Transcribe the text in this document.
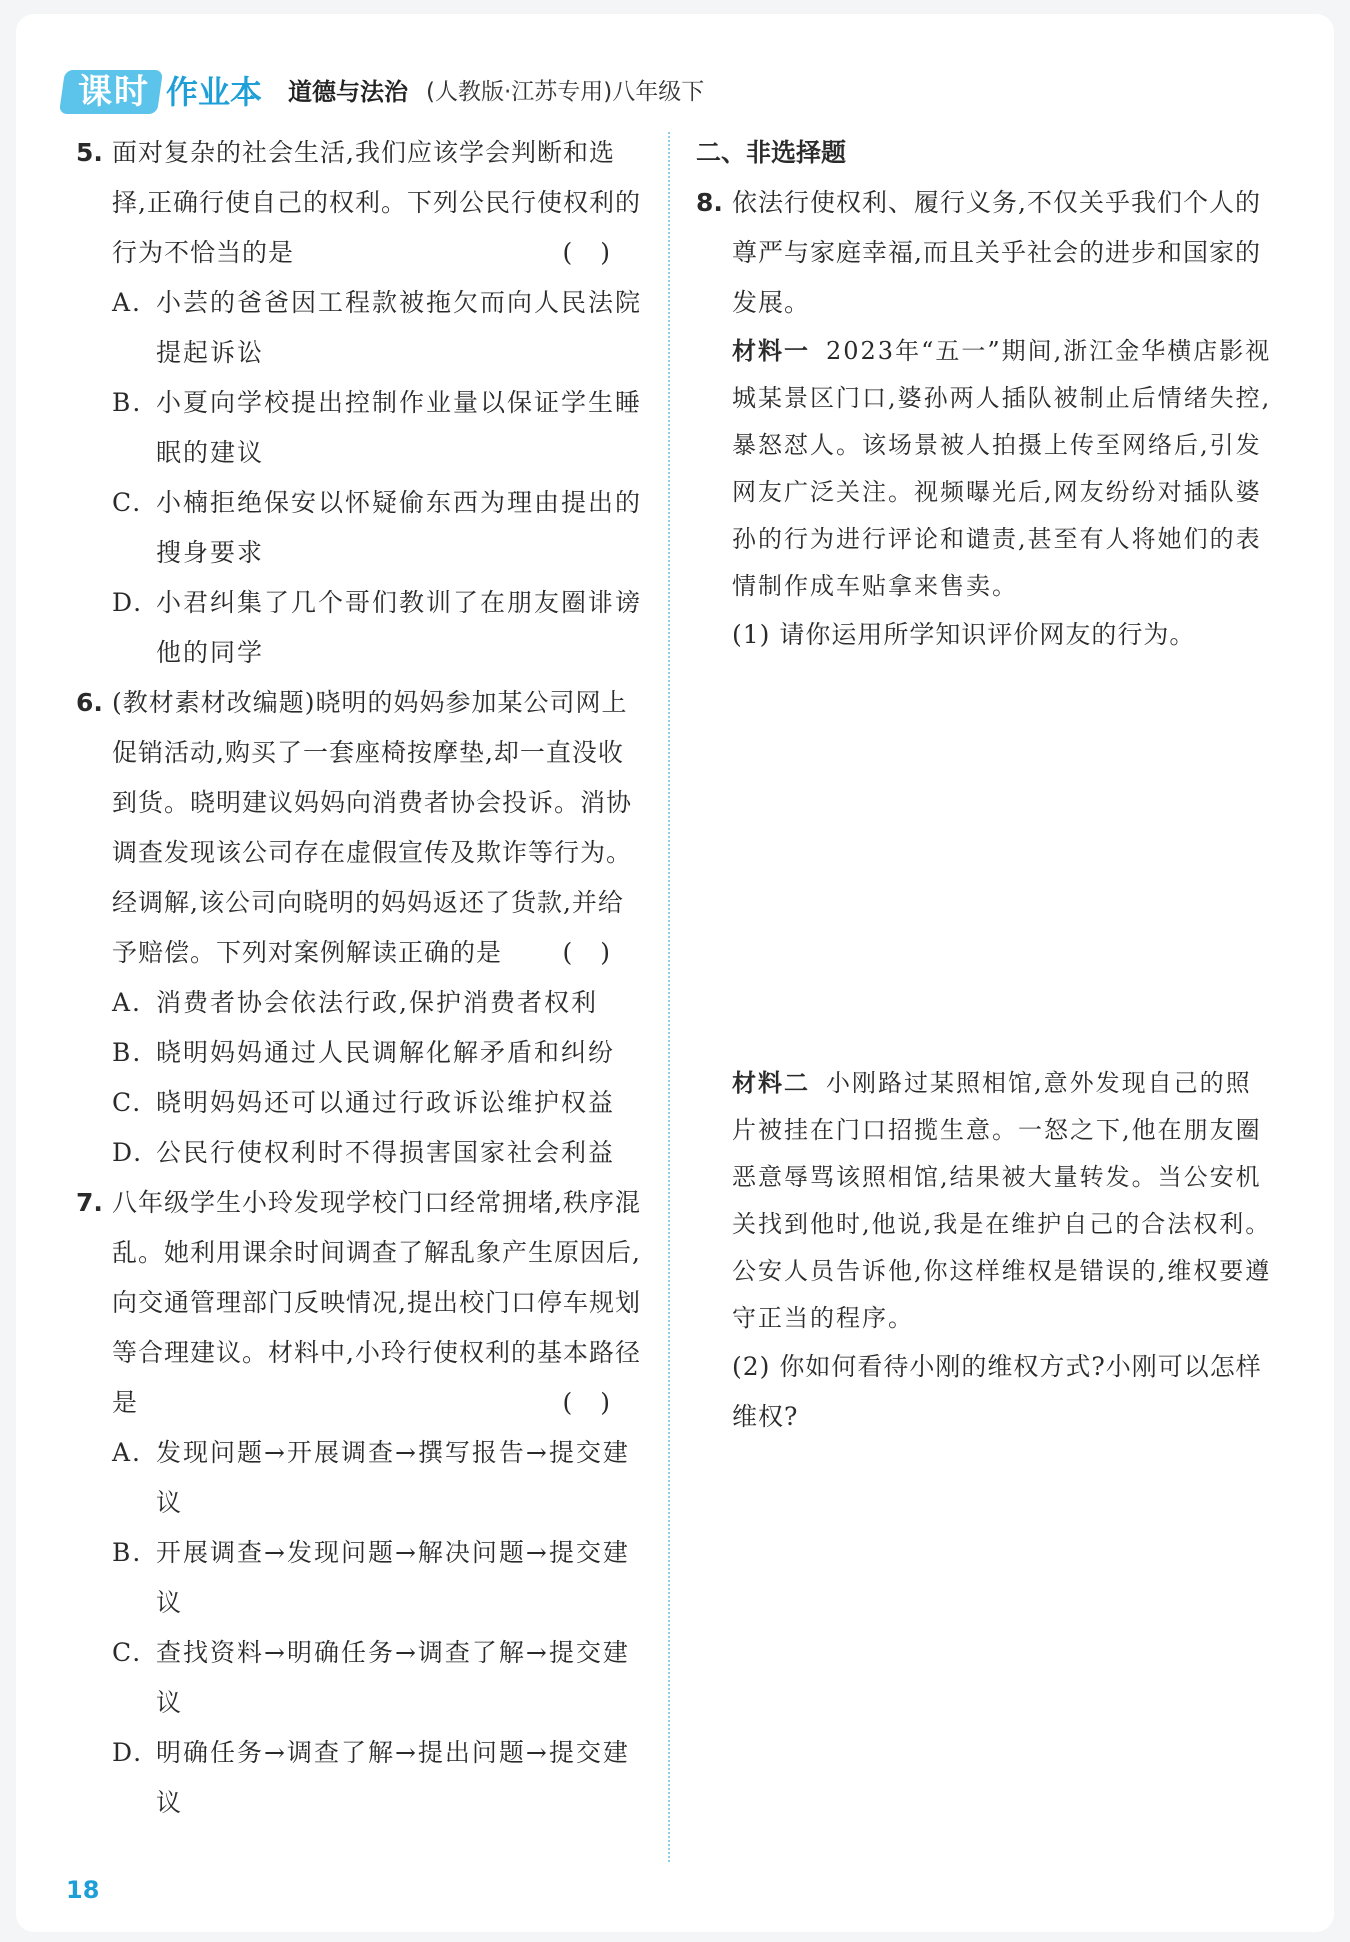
课时 作业本 道德与法治 (人教版·江苏专用)八年级下
5. 面对复杂的社会生活,我们应该学会判断和选择,正确行使自己的权利。下列公民行使权利的行为不恰当的是	()
A. 小芸的爸爸因工程款被拖欠而向人民法院提起诉讼
B. 小夏向学校提出控制作业量以保证学生睡眠的建议
C. 小楠拒绝保安以怀疑偷东西为理由提出的搜身要求
D. 小君纠集了几个哥们教训了在朋友圈诽谤他的同学
6. (教材素材改编题)晓明的妈妈参加某公司网上促销活动,购买了一套座椅按摩垫,却一直没收到货。晓明建议妈妈向消费者协会投诉。消协调查发现该公司存在虚假宣传及欺诈等行为。经调解,该公司向晓明的妈妈返还了货款,并给予赔偿。下列对案例解读正确的是 ()
A. 消费者协会依法行政,保护消费者权利
B. 晓明妈妈通过人民调解化解矛盾和纠纷
C. 晓明妈妈还可以通过行政诉讼维护权益
D. 公民行使权利时不得损害国家社会利益
7. 八年级学生小玲发现学校门口经常拥堵,秩序混乱。她利用课余时间调查了解乱象产生原因后,向交通管理部门反映情况,提出校门口停车规划等合理建议。材料中,小玲行使权利的基本路径是	()
A. 发现问题→开展调查→撰写报告→提交建议
B. 开展调查→发现问题→解决问题→提交建议
C. 查找资料→明确任务→调查了解→提交建议
D. 明确任务→调查了解→提出问题→提交建议
二、非选择题
8. 依法行使权利、履行义务,不仅关乎我们个人的尊严与家庭幸福,而且关乎社会的进步和国家的发展。
材料一 2023年“五一”期间,浙江金华横店影视城某景区门口,婆孙两人插队被制止后情绪失控,暴怒怼人。该场景被人拍摄上传至网络后,引发网友广泛关注。视频曝光后,网友纷纷对插队婆孙的行为进行评论和谴责,甚至有人将她们的表情制作成车贴拿来售卖。
(1) 请你运用所学知识评价网友的行为。
材料二 小刚路过某照相馆,意外发现自己的照片被挂在门口招揽生意。一怒之下,他在朋友圈恶意辱骂该照相馆,结果被大量转发。当公安机关找到他时,他说,我是在维护自己的合法权利。公安人员告诉他,你这样维权是错误的,维权要遵守正当的程序。
(2) 你如何看待小刚的维权方式?小刚可以怎样维权?
18
